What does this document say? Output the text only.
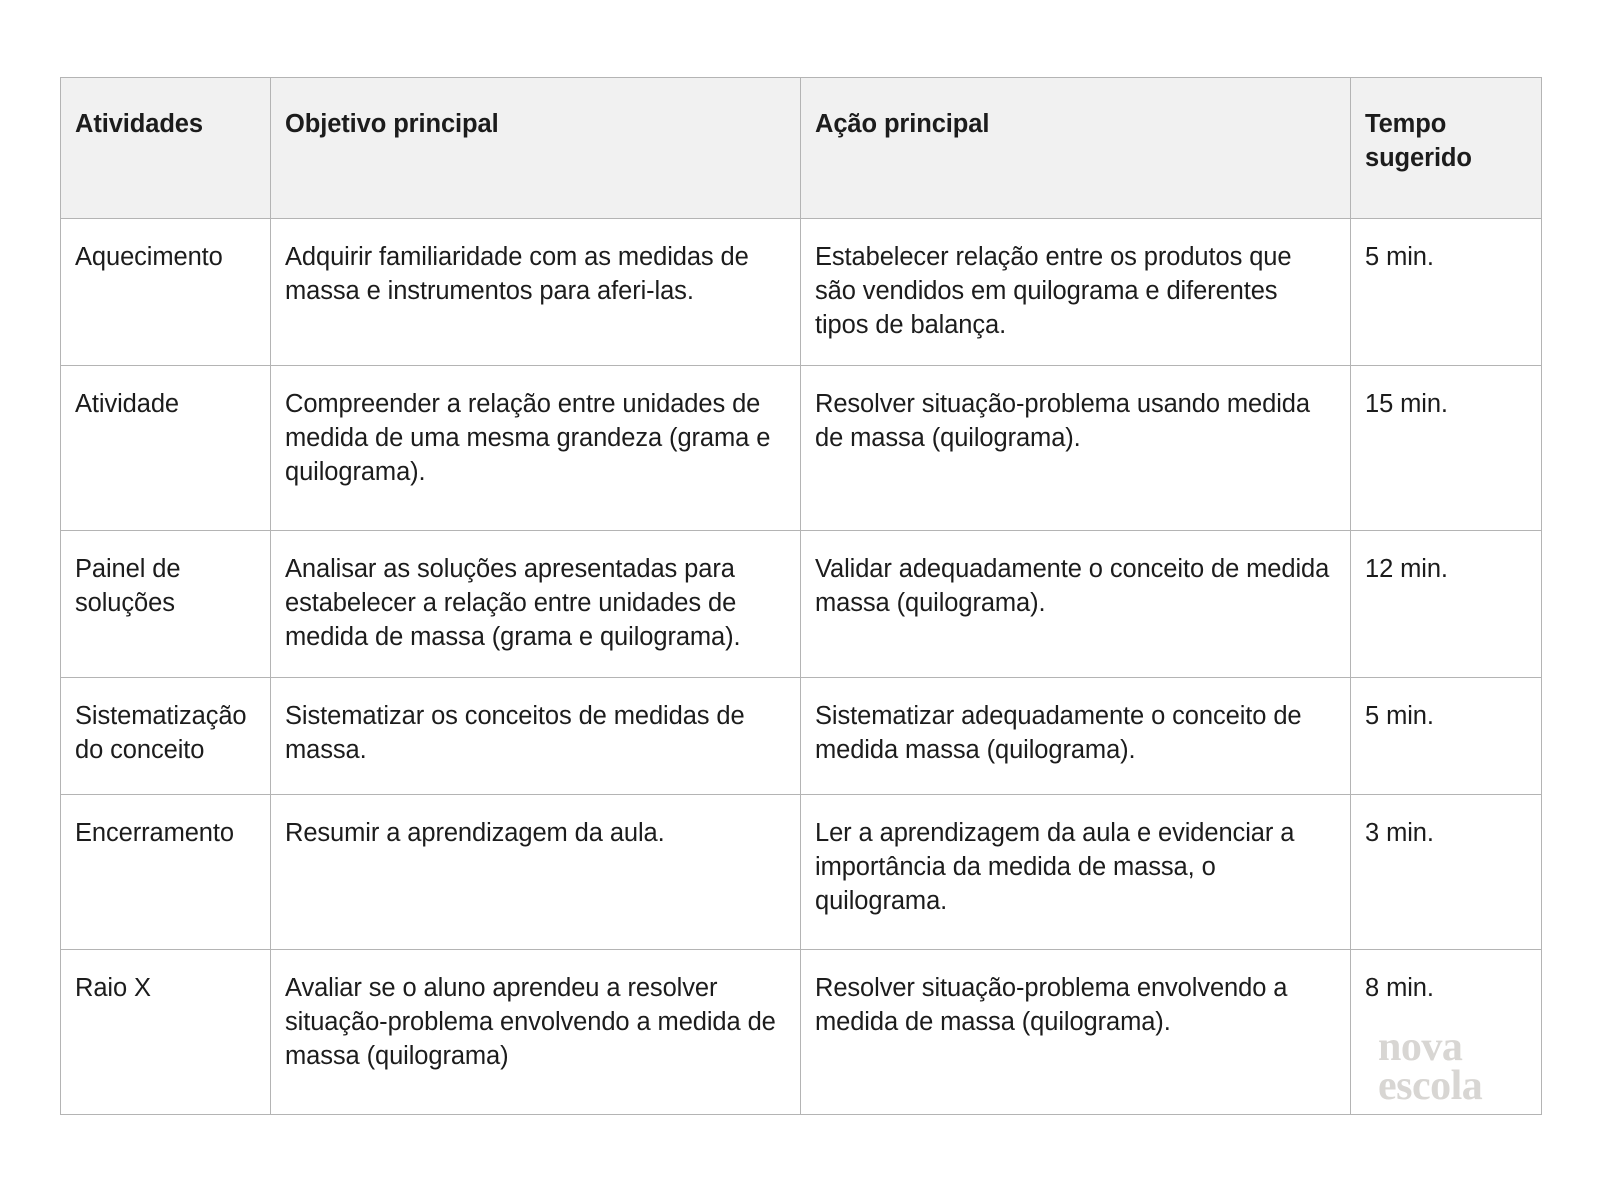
Atividades	Objetivo principal	Ação principal	Tempo sugerido
Aquecimento	Adquirir familiaridade com as medidas de massa e instrumentos para aferi-las.	Estabelecer relação entre os produtos que são vendidos em quilograma e diferentes tipos de balança.	5 min.
Atividade	Compreender a relação entre unidades de medida de uma mesma grandeza (grama e quilograma).	Resolver situação-problema usando medida de massa (quilograma).	15 min.
Painel de soluções	Analisar as soluções apresentadas para estabelecer a relação entre unidades de medida de massa (grama e quilograma).	Validar adequadamente o conceito de medida massa (quilograma).	12 min.
Sistematização do conceito	Sistematizar os conceitos de medidas de massa.	Sistematizar adequadamente o conceito de medida massa (quilograma).	5 min.
Encerramento	Resumir a aprendizagem da aula.	Ler a aprendizagem da aula e evidenciar a importância da medida de massa, o quilograma.	3 min.
Raio X	Avaliar se o aluno aprendeu a resolver situação-problema envolvendo a medida de massa (quilograma)	Resolver situação-problema envolvendo a medida de massa (quilograma).	8 min.
nova
escola
